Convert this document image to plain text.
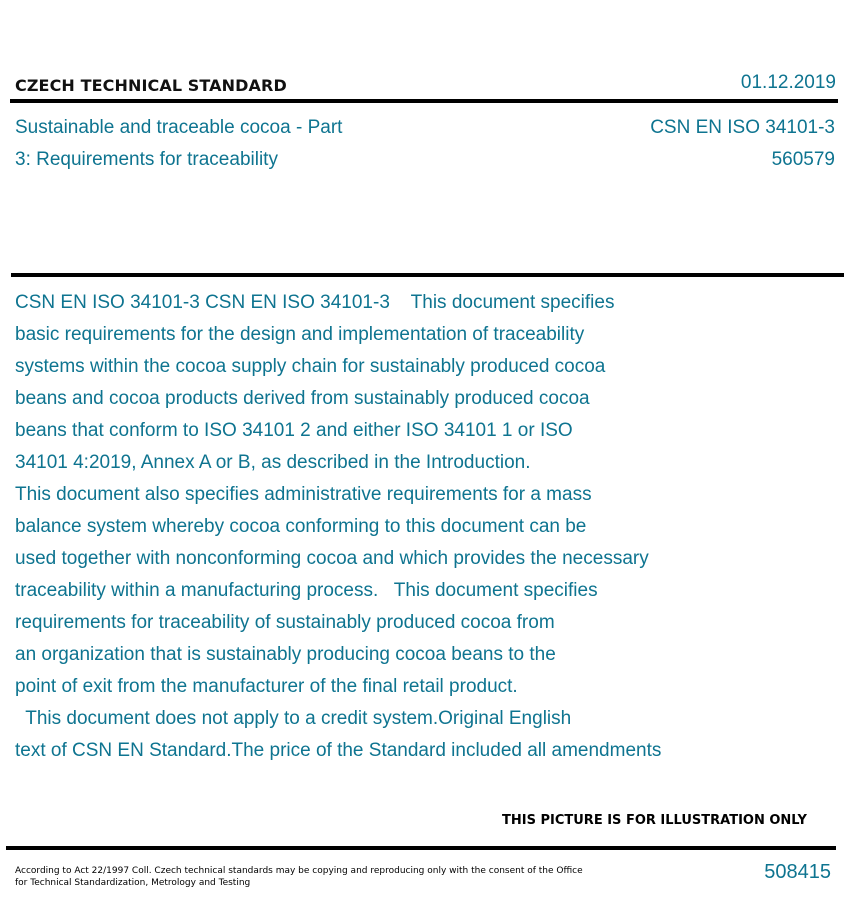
CZECH TECHNICAL STANDARD	01.12.2019
Sustainable and traceable cocoa - Part
3: Requirements for traceability
CSN EN ISO 34101-3
560579
CSN EN ISO 34101-3 CSN EN ISO 34101-3    This document specifies
basic requirements for the design and implementation of traceability
systems within the cocoa supply chain for sustainably produced cocoa
beans and cocoa products derived from sustainably produced cocoa
beans that conform to ISO 34101 2 and either ISO 34101 1 or ISO
34101 4:2019, Annex A or B, as described in the Introduction.
This document also specifies administrative requirements for a mass
balance system whereby cocoa conforming to this document can be
used together with nonconforming cocoa and which provides the necessary
traceability within a manufacturing process.   This document specifies
requirements for traceability of sustainably produced cocoa from
an organization that is sustainably producing cocoa beans to the
point of exit from the manufacturer of the final retail product.
This document does not apply to a credit system.Original English
text of CSN EN Standard.The price of the Standard included all amendments
THIS PICTURE IS FOR ILLUSTRATION ONLY
According to Act 22/1997 Coll. Czech technical standards may be copying and reproducing only with the consent of the Office
for Technical Standardization, Metrology and Testing	508415
